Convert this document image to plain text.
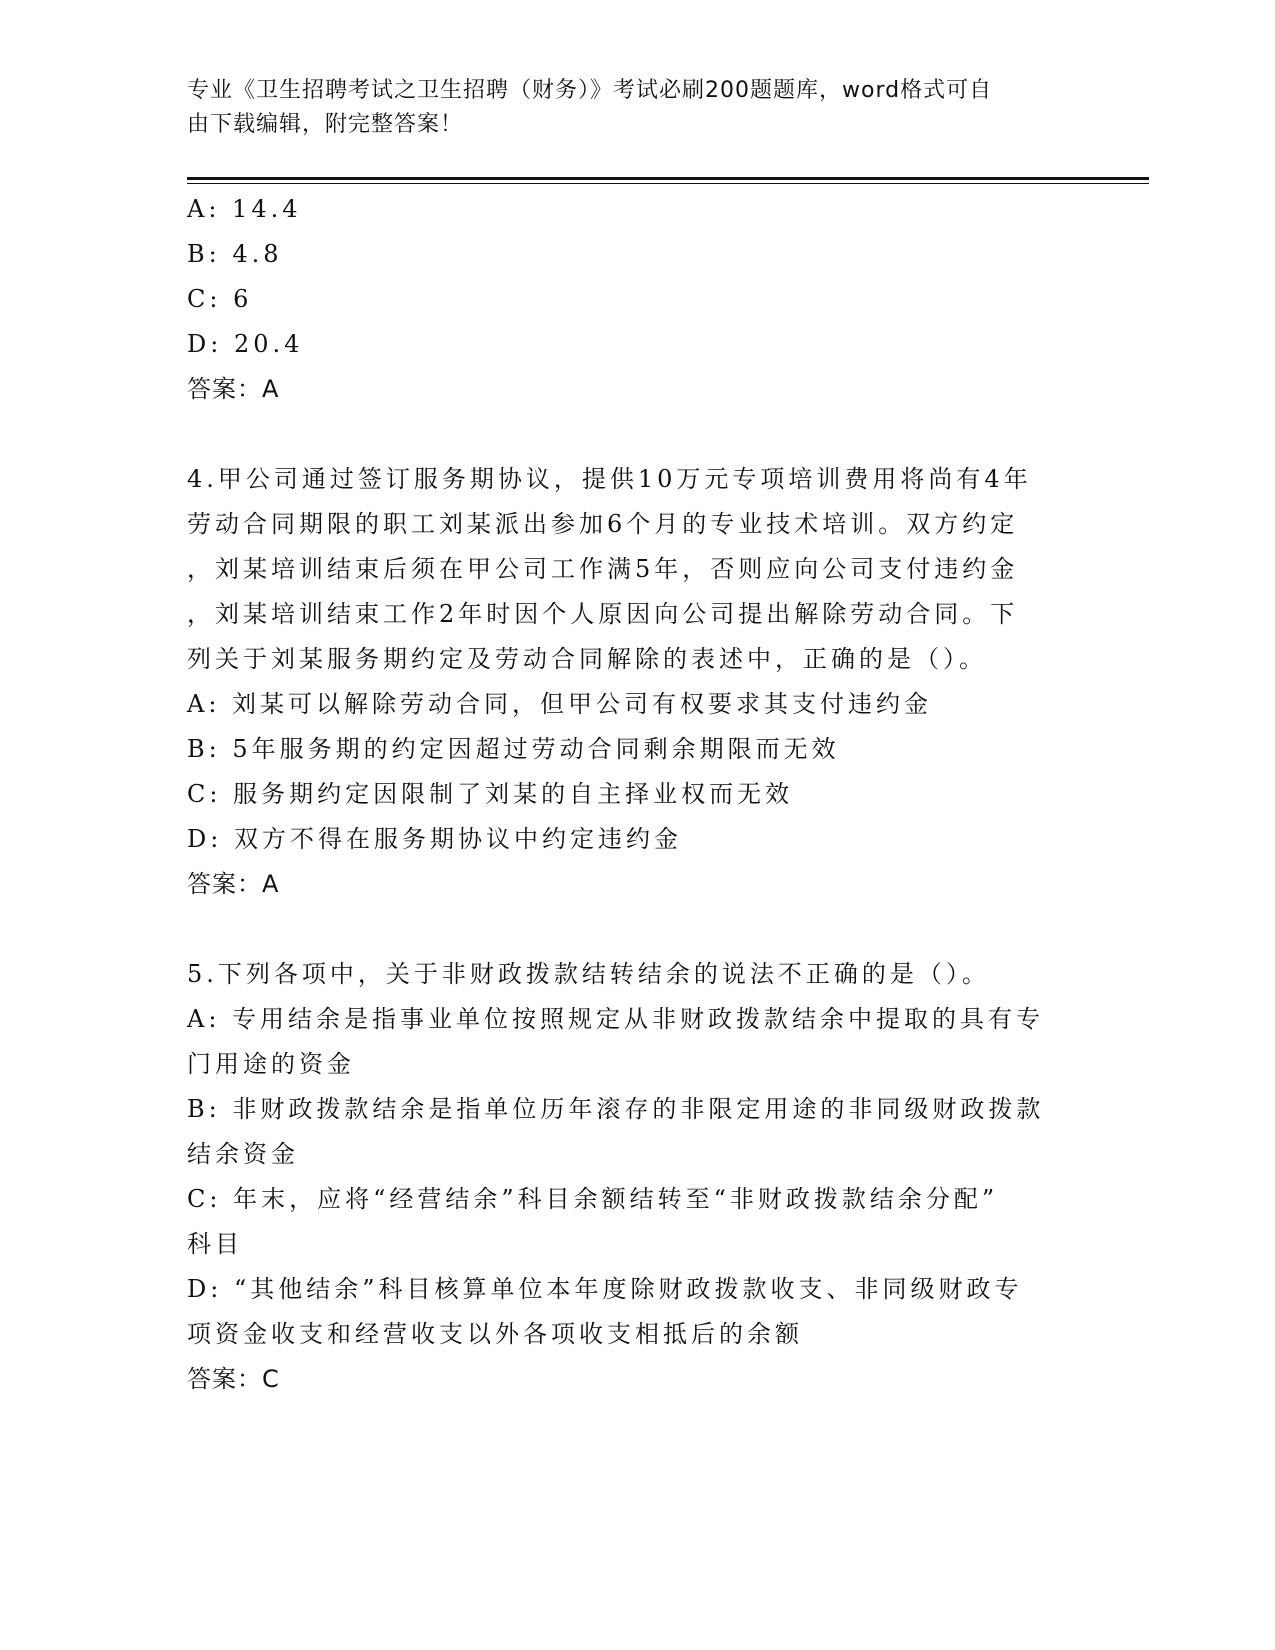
专业《卫生招聘考试之卫生招聘（财务）》考试必刷200题题库，word格式可自
由下载编辑，附完整答案！
A: 14.4
B: 4.8
C: 6
D: 20.4
答案：A
4.甲公司通过签订服务期协议，提供10万元专项培训费用将尚有4年
劳动合同期限的职工刘某派出参加6个月的专业技术培训。双方约定
，刘某培训结束后须在甲公司工作满5年，否则应向公司支付违约金
，刘某培训结束工作2年时因个人原因向公司提出解除劳动合同。下
列关于刘某服务期约定及劳动合同解除的表述中，正确的是（）。
A: 刘某可以解除劳动合同，但甲公司有权要求其支付违约金
B: 5年服务期的约定因超过劳动合同剩余期限而无效
C: 服务期约定因限制了刘某的自主择业权而无效
D: 双方不得在服务期协议中约定违约金
答案：A
5.下列各项中，关于非财政拨款结转结余的说法不正确的是（）。
A: 专用结余是指事业单位按照规定从非财政拨款结余中提取的具有专
门用途的资金
B: 非财政拨款结余是指单位历年滚存的非限定用途的非同级财政拨款
结余资金
C: 年末，应将“经营结余”科目余额结转至“非财政拨款结余分配”
科目
D: “其他结余”科目核算单位本年度除财政拨款收支、非同级财政专
项资金收支和经营收支以外各项收支相抵后的余额
答案：C
